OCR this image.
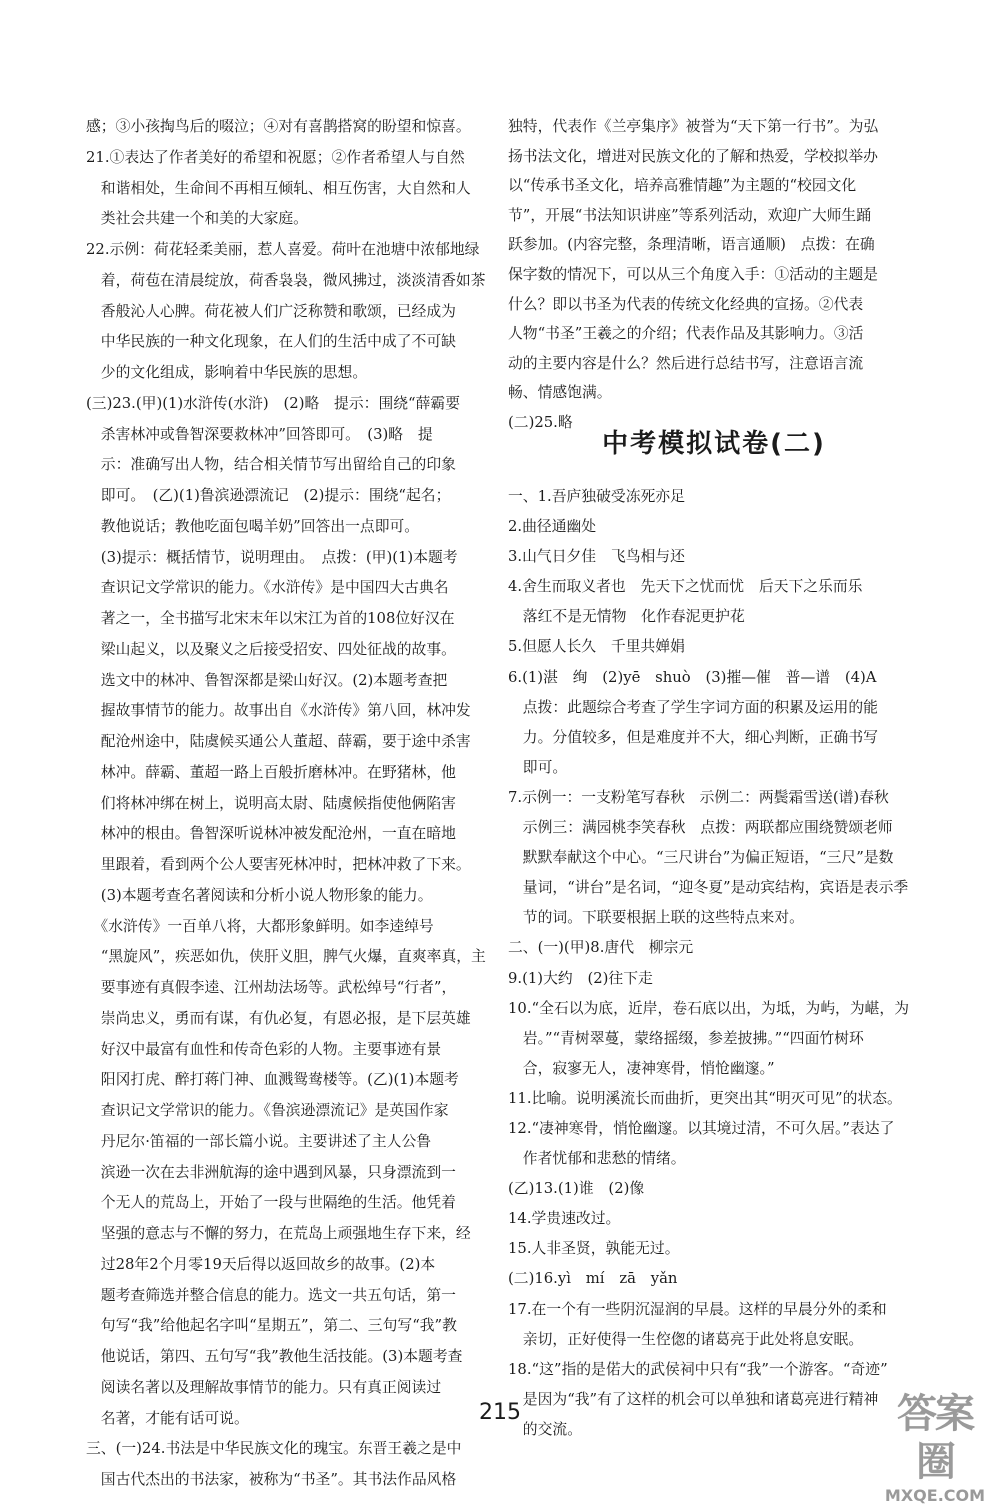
感；③小孩掏鸟后的啜泣；④对有喜鹊搭窝的盼望和惊喜。
21.①表达了作者美好的希望和祝愿；②作者希望人与自然
　和谐相处，生命间不再相互倾轧、相互伤害，大自然和人
　类社会共建一个和美的大家庭。
22.示例：荷花轻柔美丽，惹人喜爱。荷叶在池塘中浓郁地绿
　着，荷苞在清晨绽放，荷香袅袅，微风拂过，淡淡清香如茶
　香般沁人心脾。荷花被人们广泛称赞和歌颂，已经成为
　中华民族的一种文化现象，在人们的生活中成了不可缺
　少的文化组成，影响着中华民族的思想。
(三)23.(甲)(1)水浒传(水浒)　(2)略　提示：围绕“薛霸要
　杀害林冲或鲁智深要救林冲”回答即可。　(3)略　提
　示：准确写出人物，结合相关情节写出留给自己的印象
　即可。　(乙)(1)鲁滨逊漂流记　(2)提示：围绕“起名；
　教他说话；教他吃面包喝羊奶”回答出一点即可。
　(3)提示：概括情节，说明理由。　点拨：(甲)(1)本题考
　查识记文学常识的能力。《水浒传》是中国四大古典名
　著之一，全书描写北宋末年以宋江为首的108位好汉在
　梁山起义，以及聚义之后接受招安、四处征战的故事。
　选文中的林冲、鲁智深都是梁山好汉。(2)本题考查把
　握故事情节的能力。故事出自《水浒传》第八回，林冲发
　配沧州途中，陆虞候买通公人董超、薛霸，要于途中杀害
　林冲。薛霸、董超一路上百般折磨林冲。在野猪林，他
　们将林冲绑在树上，说明高太尉、陆虞候指使他俩陷害
　林冲的根由。鲁智深听说林冲被发配沧州，一直在暗地
　里跟着，看到两个公人要害死林冲时，把林冲救了下来。
　(3)本题考查名著阅读和分析小说人物形象的能力。
　《水浒传》一百单八将，大都形象鲜明。如李逵绰号
　“黑旋风”，疾恶如仇，侠肝义胆，脾气火爆，直爽率真，主
　要事迹有真假李逵、江州劫法场等。武松绰号“行者”，
　崇尚忠义，勇而有谋，有仇必复，有恩必报，是下层英雄
　好汉中最富有血性和传奇色彩的人物。主要事迹有景
　阳冈打虎、醉打蒋门神、血溅鸳鸯楼等。(乙)(1)本题考
　查识记文学常识的能力。《鲁滨逊漂流记》是英国作家
　丹尼尔·笛福的一部长篇小说。主要讲述了主人公鲁
　滨逊一次在去非洲航海的途中遇到风暴，只身漂流到一
　个无人的荒岛上，开始了一段与世隔绝的生活。他凭着
　坚强的意志与不懈的努力，在荒岛上顽强地生存下来，经
　过28年2个月零19天后得以返回故乡的故事。(2)本
　题考查筛选并整合信息的能力。选文一共五句话，第一
　句写“我”给他起名字叫“星期五”，第二、三句写“我”教
　他说话，第四、五句写“我”教他生活技能。(3)本题考查
　阅读名著以及理解故事情节的能力。只有真正阅读过
　名著，才能有话可说。
三、(一)24.书法是中华民族文化的瑰宝。东晋王羲之是中
　国古代杰出的书法家，被称为“书圣”。其书法作品风格
独特，代表作《兰亭集序》被誉为“天下第一行书”。为弘
扬书法文化，增进对民族文化的了解和热爱，学校拟举办
以“传承书圣文化，培养高雅情趣”为主题的“校园文化
节”，开展“书法知识讲座”等系列活动，欢迎广大师生踊
跃参加。(内容完整，条理清晰，语言通顺)　点拨：在确
保字数的情况下，可以从三个角度入手：①活动的主题是
什么？即以书圣为代表的传统文化经典的宣扬。②代表
人物“书圣”王羲之的介绍；代表作品及其影响力。③活
动的主要内容是什么？然后进行总结书写，注意语言流
畅、情感饱满。
(二)25.略
中考模拟试卷(二)
一、1.吾庐独破受冻死亦足
2.曲径通幽处
3.山气日夕佳　飞鸟相与还
4.舍生而取义者也　先天下之忧而忧　后天下之乐而乐
　落红不是无情物　化作春泥更护花
5.但愿人长久　千里共婵娟
6.(1)湛　绚　(2)yē　shuò　(3)摧—催　普—谱　(4)A
　点拨：此题综合考查了学生字词方面的积累及运用的能
　力。分值较多，但是难度并不大，细心判断，正确书写
　即可。
7.示例一：一支粉笔写春秋　示例二：两鬓霜雪送(谱)春秋
　示例三：满园桃李笑春秋　点拨：两联都应围绕赞颂老师
　默默奉献这个中心。“三尺讲台”为偏正短语，“三尺”是数
　量词，“讲台”是名词，“迎冬夏”是动宾结构，宾语是表示季
　节的词。下联要根据上联的这些特点来对。
二、(一)(甲)8.唐代　柳宗元
9.(1)大约　(2)往下走
10.“全石以为底，近岸，卷石底以出，为坻，为屿，为嵁，为
　岩。”“青树翠蔓，蒙络摇缀，参差披拂。”“四面竹树环
　合，寂寥无人，凄神寒骨，悄怆幽邃。”
11.比喻。说明溪流长而曲折，更突出其“明灭可见”的状态。
12.“凄神寒骨，悄怆幽邃。以其境过清，不可久居。”表达了
　作者忧郁和悲愁的情绪。
(乙)13.(1)谁　(2)像
14.学贵速改过。
15.人非圣贤，孰能无过。
(二)16.yì　mí　zā　yǎn
17.在一个有一些阴沉湿润的早晨。这样的早晨分外的柔和
　亲切，正好使得一生倥偬的诸葛亮于此处将息安眠。
18.“这”指的是偌大的武侯祠中只有“我”一个游客。“奇迹”
　是因为“我”有了这样的机会可以单独和诸葛亮进行精神
　的交流。
215	答案圈
MXQE.COM
